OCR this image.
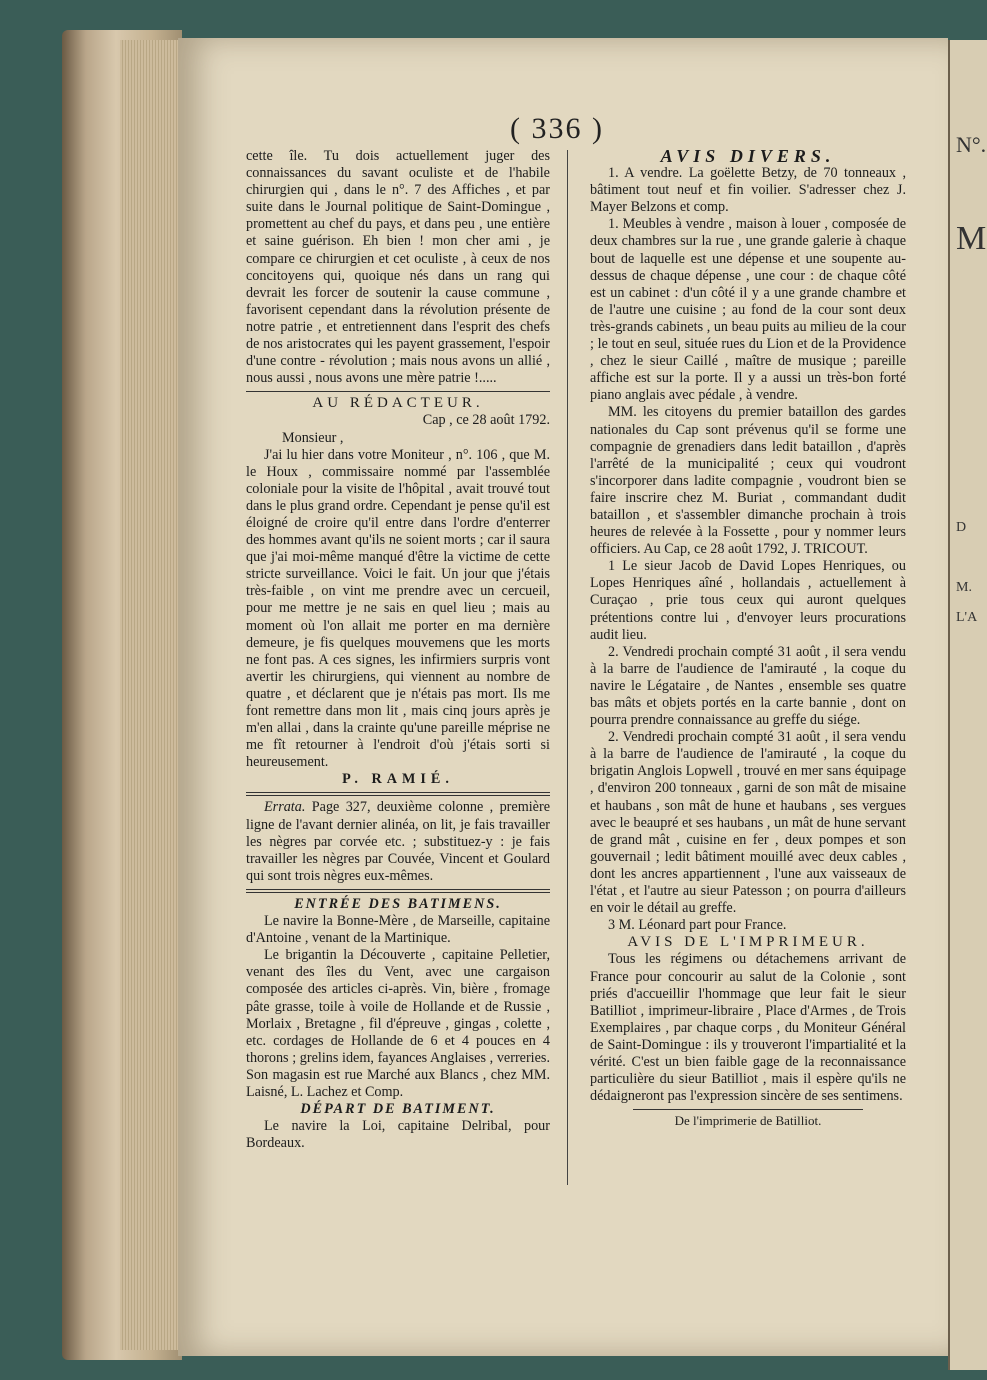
N°.
M
D
M.
L'A
( 336 )

cette île. Tu dois actuellement juger des connaissances du savant oculiste et de l'habile chirurgien qui , dans le n°. 7 des Affiches , et par suite dans le Journal politique de Saint-Domingue , promettent au chef du pays, et dans peu , une entière et saine guérison. Eh bien ! mon cher ami , je compare ce chirurgien et cet oculiste , à ceux de nos concitoyens qui, quoique nés dans un rang qui devrait les forcer de soutenir la cause commune , favorisent cependant dans la révolution présente de notre patrie , et entretiennent dans l'esprit des chefs de nos aristocrates qui les payent grassement, l'espoir d'une contre - révolution ; mais nous avons un allié , nous aussi , nous avons une mère patrie !.....

AU RÉDACTEUR.

Cap , ce 28 août 1792.

Monsieur ,

J'ai lu hier dans votre Moniteur , n°. 106 , que M. le Houx , commissaire nommé par l'assemblée coloniale pour la visite de l'hôpital , avait trouvé tout dans le plus grand ordre. Cependant je pense qu'il est éloigné de croire qu'il entre dans l'ordre d'enterrer des hommes avant qu'ils ne soient morts ; car il saura que j'ai moi-même manqué d'être la victime de cette stricte surveillance. Voici le fait. Un jour que j'étais très-faible , on vint me prendre avec un cercueil, pour me mettre je ne sais en quel lieu ; mais au moment où l'on allait me porter en ma dernière demeure, je fis quelques mouvemens que les morts ne font pas. A ces signes, les infirmiers surpris vont avertir les chirurgiens, qui viennent au nombre de quatre , et déclarent que je n'étais pas mort. Ils me font remettre dans mon lit , mais cinq jours après je m'en allai , dans la crainte qu'une pareille méprise ne me fît retourner à l'endroit d'où j'étais sorti si heureusement.

P. RAMIÉ.

Errata. Page 327, deuxième colonne , première ligne de l'avant dernier alinéa, on lit, je fais travailler les nègres par corvée etc. ; substituez-y : je fais travailler les nègres par Couvée, Vincent et Goulard qui sont trois nègres eux-mêmes.

ENTRÉE DES BATIMENS.

Le navire la Bonne-Mère , de Marseille, capitaine d'Antoine , venant de la Martinique.

Le brigantin la Découverte , capitaine Pelletier, venant des îles du Vent, avec une cargaison composée des articles ci-après. Vin, bière , fromage pâte grasse, toile à voile de Hollande et de Russie , Morlaix , Bretagne , fil d'épreuve , gingas , colette , etc. cordages de Hollande de 6 et 4 pouces en 4 thorons ; grelins idem, fayances Anglaises , verreries. Son magasin est rue Marché aux Blancs , chez MM. Laisné, L. Lachez et Comp.

DÉPART DE BATIMENT.

Le navire la Loi, capitaine Delribal, pour Bordeaux.

AVIS DIVERS.

1. A vendre. La goëlette Betzy, de 70 tonneaux , bâtiment tout neuf et fin voilier. S'adresser chez J. Mayer Belzons et comp.

1. Meubles à vendre , maison à louer , composée de deux chambres sur la rue , une grande galerie à chaque bout de laquelle est une dépense et une soupente au-dessus de chaque dépense , une cour : de chaque côté est un cabinet : d'un côté il y a une grande chambre et de l'autre une cuisine ; au fond de la cour sont deux très-grands cabinets , un beau puits au milieu de la cour ; le tout en seul, située rues du Lion et de la Providence , chez le sieur Caillé , maître de musique ; pareille affiche est sur la porte. Il y a aussi un très-bon forté piano anglais avec pédale , à vendre.

MM. les citoyens du premier bataillon des gardes nationales du Cap sont prévenus qu'il se forme une compagnie de grenadiers dans ledit bataillon , d'après l'arrêté de la municipalité ; ceux qui voudront s'incorporer dans ladite compagnie , voudront bien se faire inscrire chez M. Buriat , commandant dudit bataillon , et s'assembler dimanche prochain à trois heures de relevée à la Fossette , pour y nommer leurs officiers. Au Cap, ce 28 août 1792, J. TRICOUT.

1 Le sieur Jacob de David Lopes Henriques, ou Lopes Henriques aîné , hollandais , actuellement à Curaçao , prie tous ceux qui auront quelques prétentions contre lui , d'envoyer leurs procurations audit lieu.

2. Vendredi prochain compté 31 août , il sera vendu à la barre de l'audience de l'amirauté , la coque du navire le Légataire , de Nantes , ensemble ses quatre bas mâts et objets portés en la carte bannie , dont on pourra prendre connaissance au greffe du siége.

2. Vendredi prochain compté 31 août , il sera vendu à la barre de l'audience de l'amirauté , la coque du brigatin Anglois Lopwell , trouvé en mer sans équipage , d'environ 200 tonneaux , garni de son mât de misaine et haubans , son mât de hune et haubans , ses vergues avec le beaupré et ses haubans , un mât de hune servant de grand mât , cuisine en fer , deux pompes et son gouvernail ; ledit bâtiment mouillé avec deux cables , dont les ancres appartiennent , l'une aux vaisseaux de l'état , et l'autre au sieur Patesson ; on pourra d'ailleurs en voir le détail au greffe.

3 M. Léonard part pour France.

AVIS DE L'IMPRIMEUR.

Tous les régimens ou détachemens arrivant de France pour concourir au salut de la Colonie , sont priés d'accueillir l'hommage que leur fait le sieur Batilliot , imprimeur-libraire , Place d'Armes , de Trois Exemplaires , par chaque corps , du Moniteur Général de Saint-Domingue : ils y trouveront l'impartialité et la vérité. C'est un bien faible gage de la reconnaissance particulière du sieur Batilliot , mais il espère qu'ils ne dédaigneront pas l'expression sincère de ses sentimens.

De l'imprimerie de Batilliot.
